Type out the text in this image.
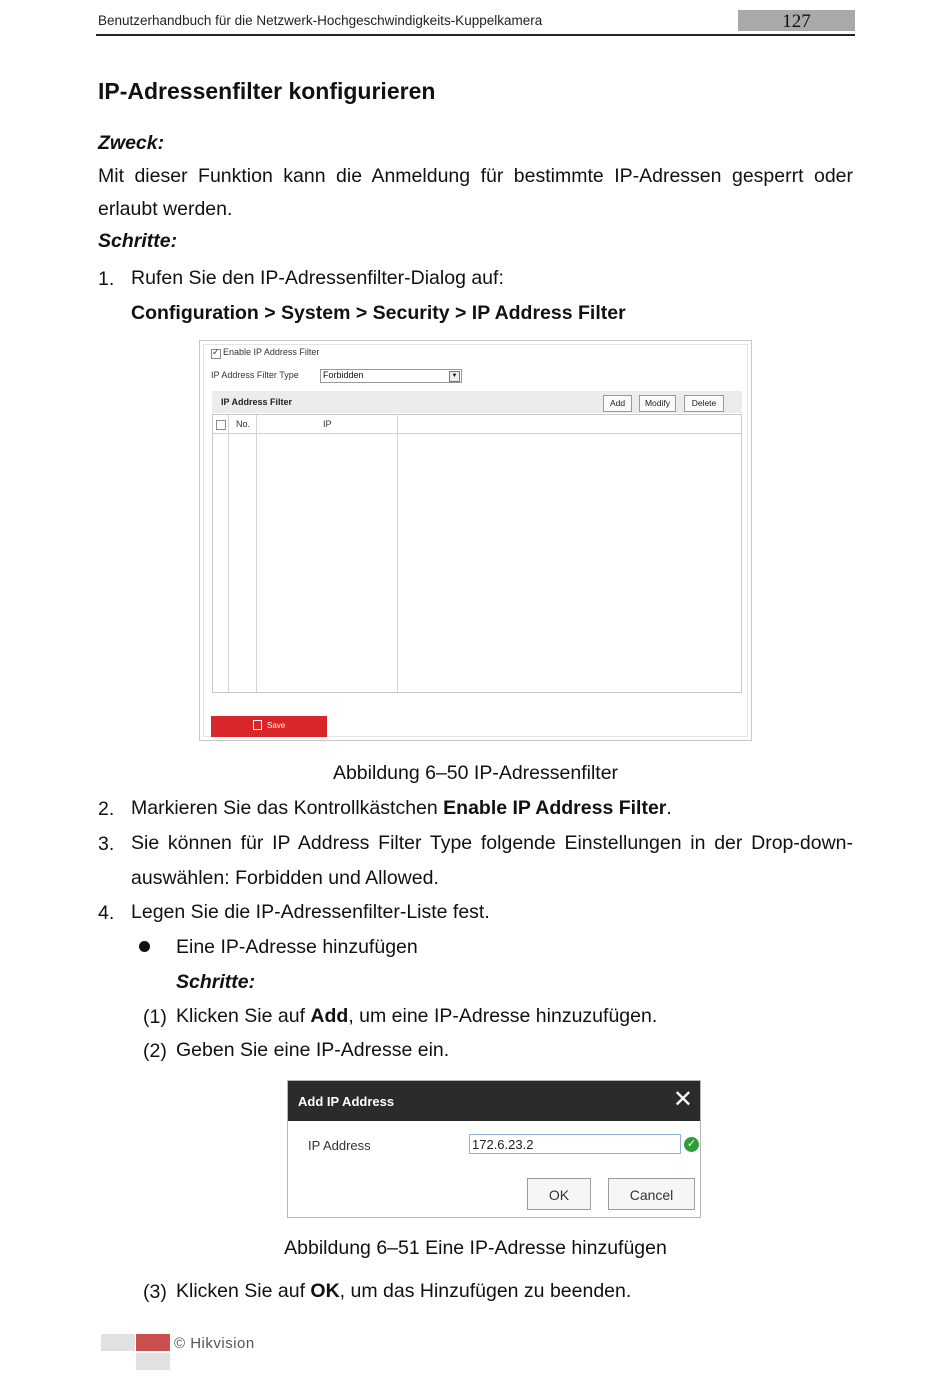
Benutzerhandbuch für die Netzwerk-Hochgeschwindigkeits-Kuppelkamera	127
IP-Adressenfilter konfigurieren
Zweck:
Mit dieser Funktion kann die Anmeldung für bestimmte IP-Adressen gesperrt oder
erlaubt werden.
Schritte:
1. Rufen Sie den IP-Adressenfilter-Dialog auf:
Configuration > System > Security > IP Address Filter
✓
Enable IP Address Filter
IP Address Filter Type	Forbidden	▼
IP Address Filter	Add	Modify	Delete
No.	IP
Save
Abbildung 6–50 IP-Adressenfilter
2. Markieren Sie das Kontrollkästchen Enable IP Address Filter.
3. Sie können für IP Address Filter Type folgende Einstellungen in der Drop-down-
auswählen: Forbidden und Allowed.
4. Legen Sie die IP-Adressenfilter-Liste fest.
Eine IP-Adresse hinzufügen
Schritte:
(1) Klicken Sie auf Add, um eine IP-Adresse hinzuzufügen.
(2) Geben Sie eine IP-Adresse ein.
Add IP Address	✕
IP Address	172.6.23.2	✓
OK	Cancel
Abbildung 6–51 Eine IP-Adresse hinzufügen
(3) Klicken Sie auf OK, um das Hinzufügen zu beenden.
© Hikvision
